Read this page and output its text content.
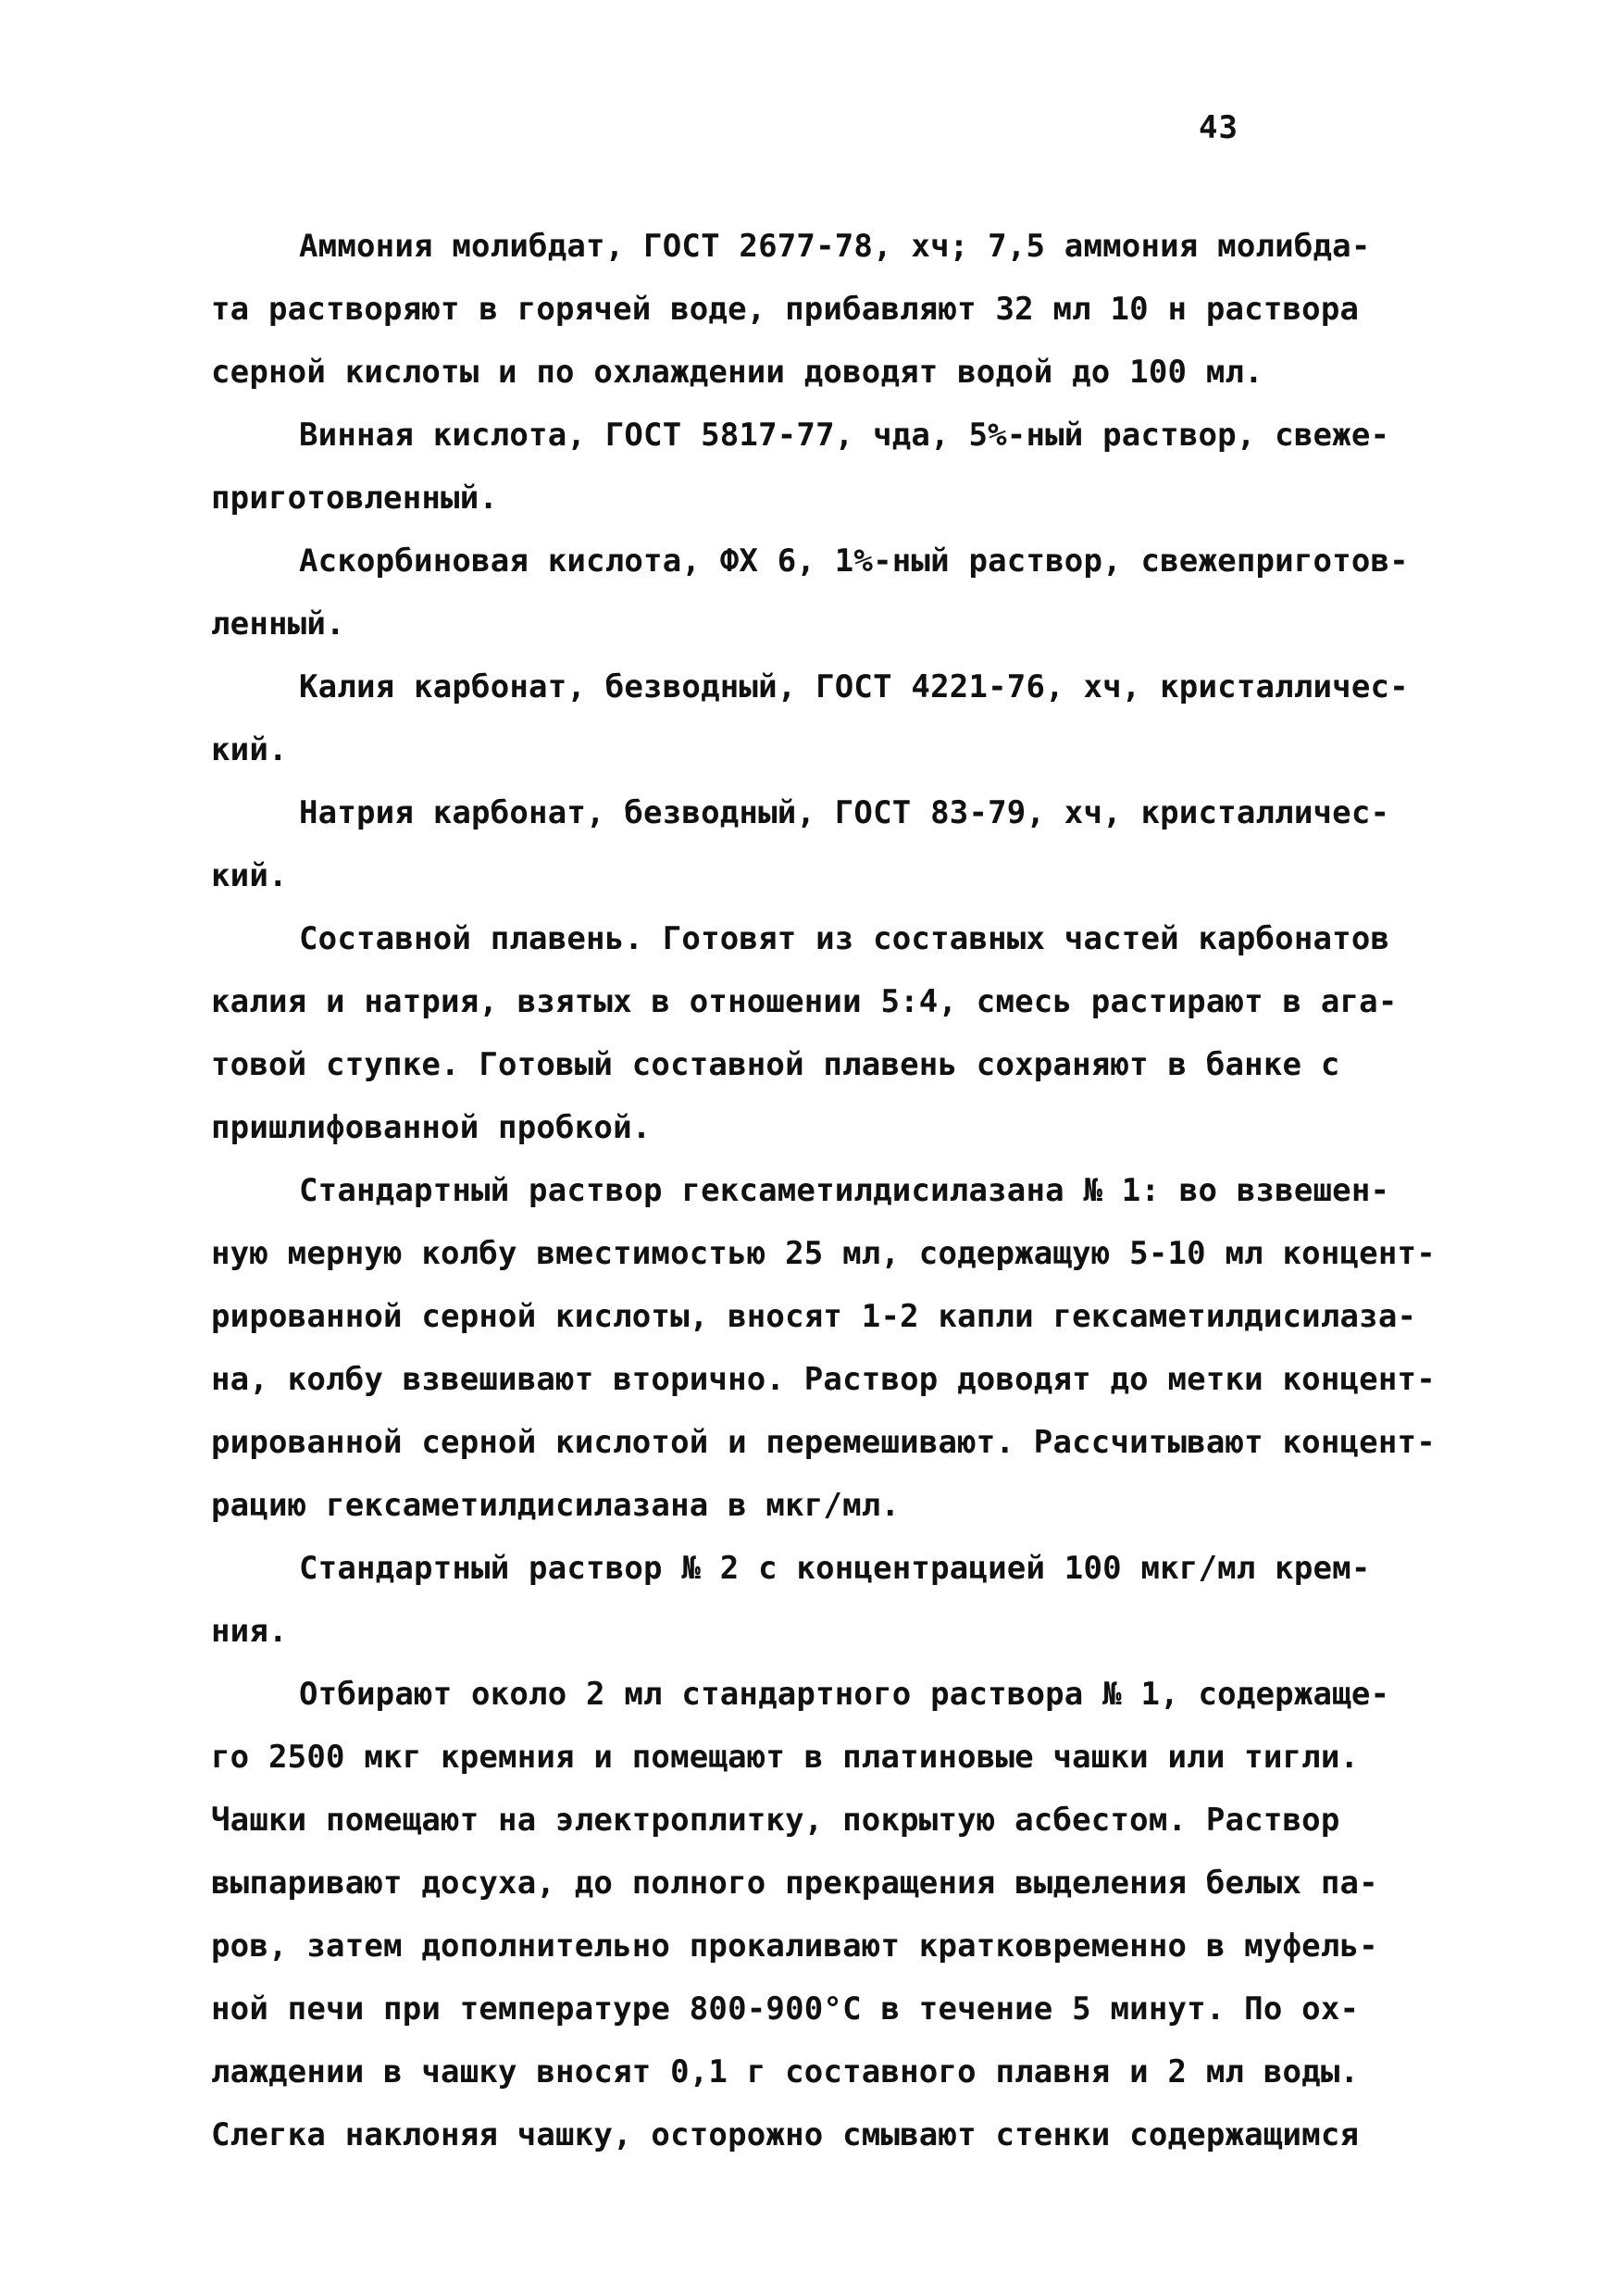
43
Аммония молибдат, ГОСТ 2677-78, хч; 7,5 аммония молибда-
та растворяют в горячей воде, прибавляют 32 мл 10 н раствора
серной кислоты и по охлаждении доводят водой до 100 мл.
Винная кислота, ГОСТ 5817-77, чда, 5%-ный раствор, свеже-
приготовленный.
Аскорбиновая кислота, ФХ 6, 1%-ный раствор, свежеприготов-
ленный.
Калия карбонат, безводный, ГОСТ 4221-76, хч, кристалличес-
кий.
Натрия карбонат, безводный, ГОСТ 83-79, хч, кристалличес-
кий.
Составной плавень. Готовят из составных частей карбонатов
калия и натрия, взятых в отношении 5:4, смесь растирают в ага-
товой ступке. Готовый составной плавень сохраняют в банке с
пришлифованной пробкой.
Стандартный раствор гексаметилдисилазана № 1: во взвешен-
ную мерную колбу вместимостью 25 мл, содержащую 5-10 мл концент-
рированной серной кислоты, вносят 1-2 капли гексаметилдисилаза-
на, колбу взвешивают вторично. Раствор доводят до метки концент-
рированной серной кислотой и перемешивают. Рассчитывают концент-
рацию гексаметилдисилазана в мкг/мл.
Стандартный раствор № 2 с концентрацией 100 мкг/мл крем-
ния.
Отбирают около 2 мл стандартного раствора № 1, содержаще-
го 2500 мкг кремния и помещают в платиновые чашки или тигли.
Чашки помещают на электроплитку, покрытую асбестом. Раствор
выпаривают досуха, до полного прекращения выделения белых па-
ров, затем дополнительно прокаливают кратковременно в муфель-
ной печи при температуре 800-900°С в течение 5 минут. По ох-
лаждении в чашку вносят 0,1 г составного плавня и 2 мл воды.
Слегка наклоняя чашку, осторожно смывают стенки содержащимся
